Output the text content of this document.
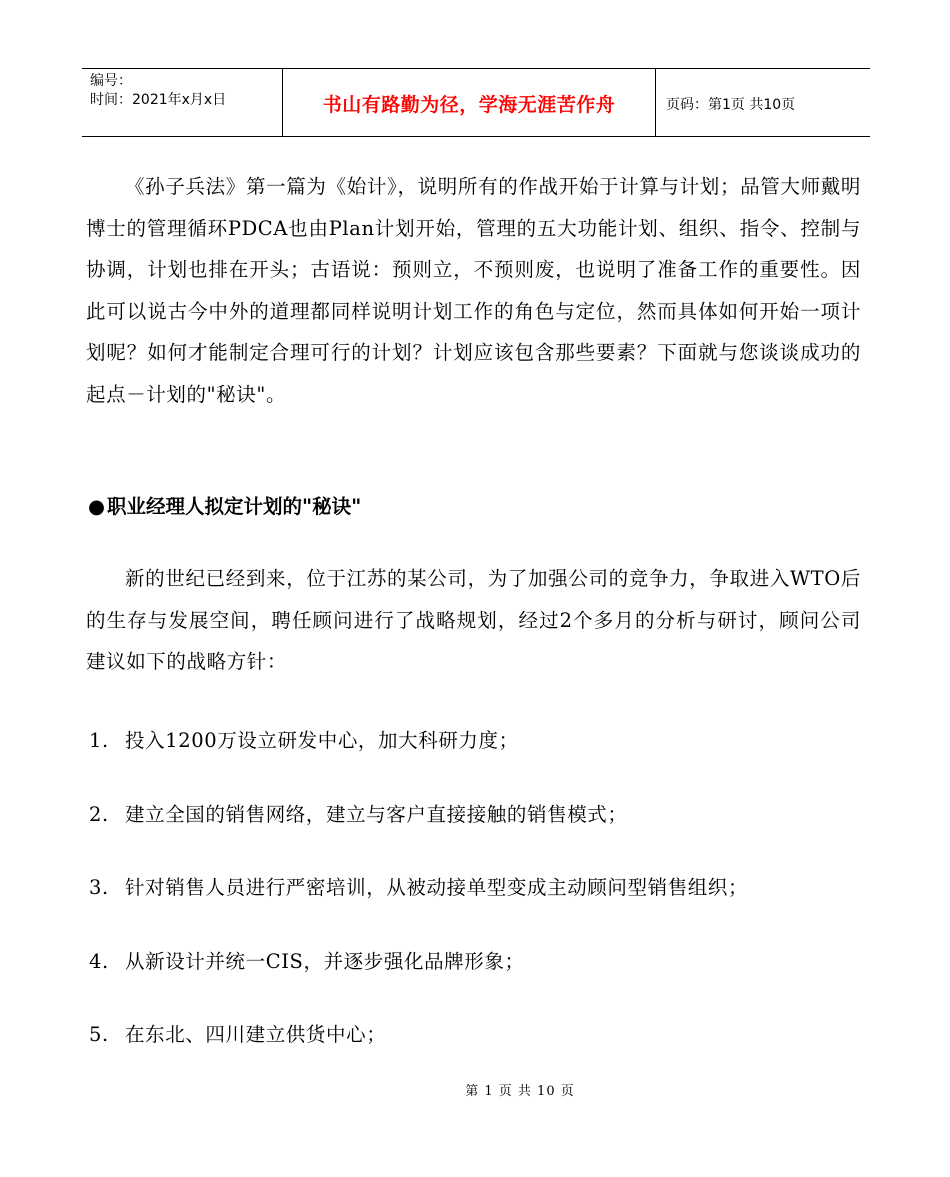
编号：
时间：2021年x月x日	书山有路勤为径，学海无涯苦作舟	页码：第1页 共10页

《孙子兵法》第一篇为《始计》，说明所有的作战开始于计算与计划；品管大师戴明博士的管理循环PDCA也由Plan计划开始，管理的五大功能计划、组织、指令、控制与协调，计划也排在开头；古语说：预则立，不预则废，也说明了准备工作的重要性。因此可以说古今中外的道理都同样说明计划工作的角色与定位，然而具体如何开始一项计划呢？如何才能制定合理可行的计划？计划应该包含那些要素？下面就与您谈谈成功的起点－计划的"秘诀"。

● 职业经理人拟定计划的"秘诀"

新的世纪已经到来，位于江苏的某公司，为了加强公司的竞争力，争取进入WTO后的生存与发展空间，聘任顾问进行了战略规划，经过2个多月的分析与研讨，顾问公司建议如下的战略方针：

1. 投入1200万设立研发中心，加大科研力度；
2. 建立全国的销售网络，建立与客户直接接触的销售模式；
3. 针对销售人员进行严密培训，从被动接单型变成主动顾问型销售组织；
4. 从新设计并统一CIS，并逐步强化品牌形象；
5. 在东北、四川建立供货中心；
第 1 页 共 10 页
